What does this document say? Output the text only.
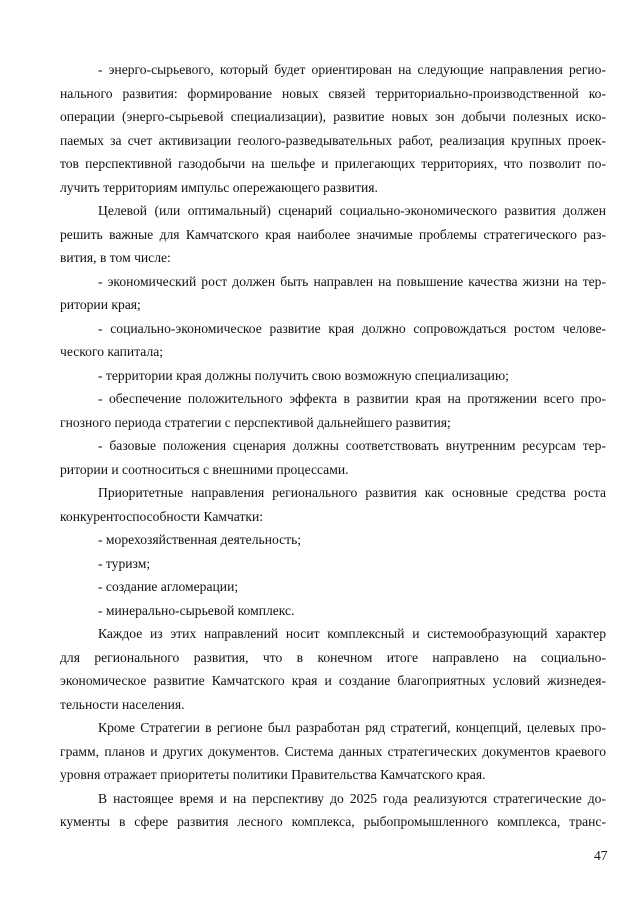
- энерго-сырьевого, который будет ориентирован на следующие направления регио-
нального развития: формирование новых связей территориально-производственной ко-
операции (энерго-сырьевой специализации), развитие новых зон добычи полезных иско-
паемых за счет активизации геолого-разведывательных работ, реализация крупных проек-
тов перспективной газодобычи на шельфе и прилегающих территориях, что позволит по-
лучить территориям импульс опережающего развития.
Целевой (или оптимальный) сценарий социально-экономического развития должен
решить важные для Камчатского края наиболее значимые проблемы стратегического раз-
вития, в том числе:
- экономический рост должен быть направлен на повышение качества жизни на тер-
ритории края;
- социально-экономическое развитие края должно сопровождаться ростом челове-
ческого капитала;
- территории края должны получить свою возможную специализацию;
- обеспечение положительного эффекта в развитии края на протяжении всего про-
гнозного периода стратегии с перспективой дальнейшего развития;
- базовые положения сценария должны соответствовать внутренним ресурсам тер-
ритории и соотноситься с внешними процессами.
Приоритетные направления регионального развития как основные средства роста
конкурентоспособности Камчатки:
- морехозяйственная деятельность;
- туризм;
- создание агломерации;
- минерально-сырьевой комплекс.
Каждое из этих направлений носит комплексный и системообразующий характер
для регионального развития, что в конечном итоге направлено на социально-
экономическое развитие Камчатского края и создание благоприятных условий жизнедея-
тельности населения.
Кроме Стратегии в регионе был разработан ряд стратегий, концепций, целевых про-
грамм, планов и других документов. Система данных стратегических документов краевого
уровня отражает приоритеты политики Правительства Камчатского края.
В настоящее время и на перспективу до 2025 года реализуются стратегические до-
кументы в сфере развития лесного комплекса, рыбопромышленного комплекса, транс-
47
